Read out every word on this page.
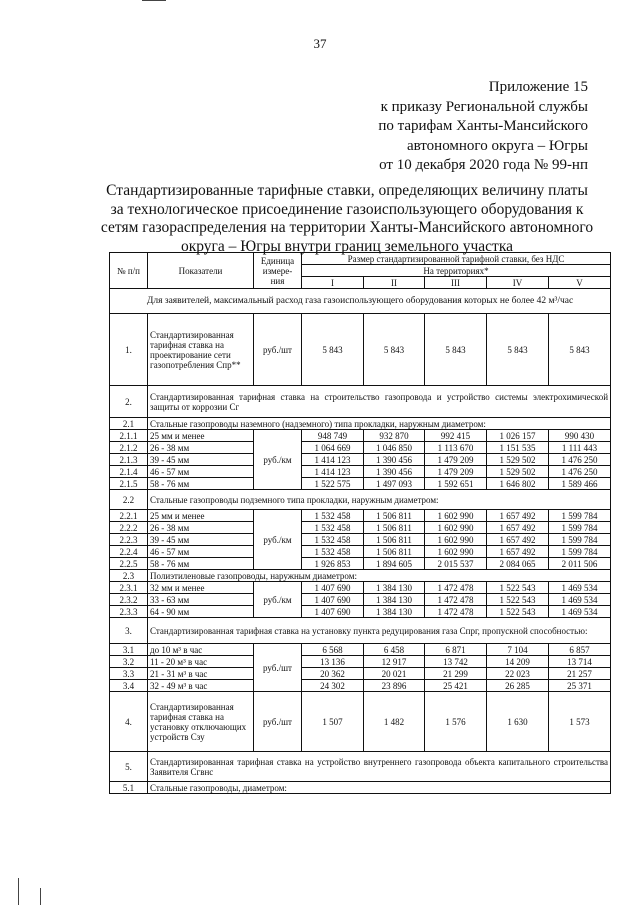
37
Приложение 15
к приказу Региональной службы
по тарифам Ханты-Мансийского
автономного округа – Югры
от 10 декабря 2020 года № 99-нп
Стандартизированные тарифные ставки, определяющих величину платы за технологическое присоединение газоиспользующего оборудования к сетям газораспределения на территории Ханты-Мансийского автономного округа – Югры внутри границ земельного участка
№ п/п	Показатели	Единица измере-ния	Размер стандартизированной тарифной ставки, без НДС				
			На территориях*				
			I	II	III	IV	V
Для заявителей, максимальный расход газа газоиспользующего оборудования которых не более 42 м³/час							
1.	Стандартизированная тарифная ставка на проектирование сети газопотребления Cпр**	руб./шт	5 843	5 843	5 843	5 843	5 843
2.	Стандартизированная тарифная ставка на строительство газопровода и устройство системы электрохимической защиты от коррозии Cг						
2.1	Стальные газопроводы наземного (надземного) типа прокладки, наружным диаметром:						
2.1.1	25 мм и менее	руб./км	948 749	932 870	992 415	1 026 157	990 430
2.1.2	26 - 38 мм		1 064 669	1 046 850	1 113 670	1 151 535	1 111 443
2.1.3	39 - 45 мм		1 414 123	1 390 456	1 479 209	1 529 502	1 476 250
2.1.4	46 - 57 мм		1 414 123	1 390 456	1 479 209	1 529 502	1 476 250
2.1.5	58 - 76 мм		1 522 575	1 497 093	1 592 651	1 646 802	1 589 466
2.2	Стальные газопроводы подземного типа прокладки, наружным диаметром:						
2.2.1	25 мм и менее	руб./км	1 532 458	1 506 811	1 602 990	1 657 492	1 599 784
2.2.2	26 - 38 мм		1 532 458	1 506 811	1 602 990	1 657 492	1 599 784
2.2.3	39 - 45 мм		1 532 458	1 506 811	1 602 990	1 657 492	1 599 784
2.2.4	46 - 57 мм		1 532 458	1 506 811	1 602 990	1 657 492	1 599 784
2.2.5	58 - 76 мм		1 926 853	1 894 605	2 015 537	2 084 065	2 011 506
2.3	Полиэтиленовые газопроводы, наружным диаметром:						
2.3.1	32 мм и менее	руб./км	1 407 690	1 384 130	1 472 478	1 522 543	1 469 534
2.3.2	33 - 63 мм		1 407 690	1 384 130	1 472 478	1 522 543	1 469 534
2.3.3	64 - 90 мм		1 407 690	1 384 130	1 472 478	1 522 543	1 469 534
3.	Стандартизированная тарифная ставка на установку пункта редуцирования газа Cпрг, пропускной способностью:						
3.1	до 10 м³ в час	руб./шт	6 568	6 458	6 871	7 104	6 857
3.2	11 - 20 м³ в час		13 136	12 917	13 742	14 209	13 714
3.3	21 - 31 м³ в час		20 362	20 021	21 299	22 023	21 257
3.4	32 - 49 м³ в час		24 302	23 896	25 421	26 285	25 371
4.	Стандартизированная тарифная ставка на установку отключающих устройств Cзу	руб./шт	1 507	1 482	1 576	1 630	1 573
5.	Стандартизированная тарифная ставка на устройство внутреннего газопровода объекта капитального строительства Заявителя Cгвнс						
5.1	Стальные газопроводы, диаметром:						
